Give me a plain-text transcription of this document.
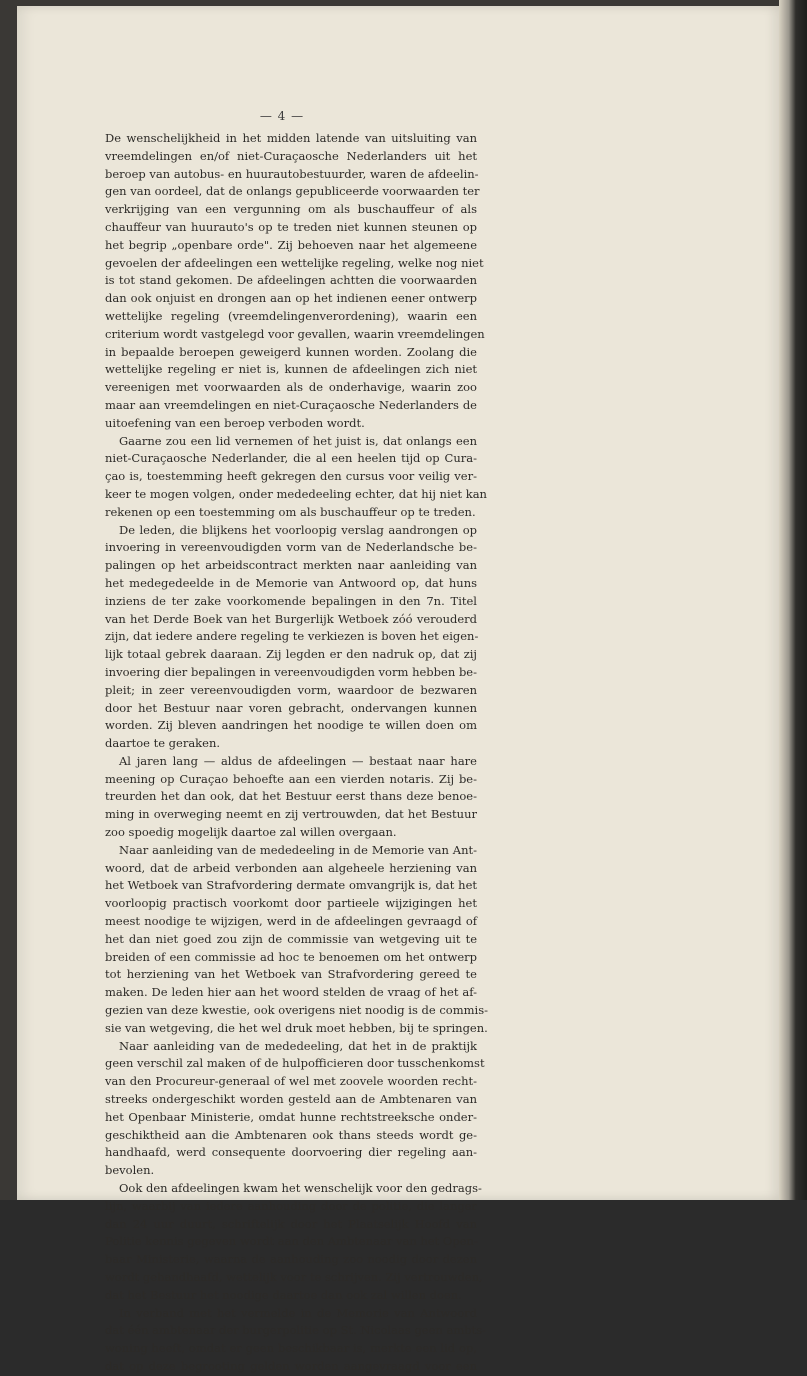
— 4 —
De wenschelijkheid in het midden latende van uitsluiting van
vreemdelingen en/of niet-Curaçaosche Nederlanders uit het
beroep van autobus- en huurautobestuurder, waren de afdeelin-
gen van oordeel, dat de onlangs gepubliceerde voorwaarden ter
verkrijging van een vergunning om als buschauffeur of als
chauffeur van huurauto's op te treden niet kunnen steunen op
het begrip „openbare orde". Zij behoeven naar het algemeene
gevoelen der afdeelingen een wettelijke regeling, welke nog niet
is tot stand gekomen. De afdeelingen achtten die voorwaarden
dan ook onjuist en drongen aan op het indienen eener ontwerp
wettelijke regeling (vreemdelingenverordening), waarin een
criterium wordt vastgelegd voor gevallen, waarin vreemdelingen
in bepaalde beroepen geweigerd kunnen worden. Zoolang die
wettelijke regeling er niet is, kunnen de afdeelingen zich niet
vereenigen met voorwaarden als de onderhavige, waarin zoo
maar aan vreemdelingen en niet-Curaçaosche Nederlanders de
uitoefening van een beroep verboden wordt.
Gaarne zou een lid vernemen of het juist is, dat onlangs een
niet-Curaçaosche Nederlander, die al een heelen tijd op Cura-
çao is, toestemming heeft gekregen den cursus voor veilig ver-
keer te mogen volgen, onder mededeeling echter, dat hij niet kan
rekenen op een toestemming om als buschauffeur op te treden.
De leden, die blijkens het voorloopig verslag aandrongen op
invoering in vereenvoudigden vorm van de Nederlandsche be-
palingen op het arbeidscontract merkten naar aanleiding van
het medegedeelde in de Memorie van Antwoord op, dat huns
inziens de ter zake voorkomende bepalingen in den 7n. Titel
van het Derde Boek van het Burgerlijk Wetboek zóó verouderd
zijn, dat iedere andere regeling te verkiezen is boven het eigen-
lijk totaal gebrek daaraan. Zij legden er den nadruk op, dat zij
invoering dier bepalingen in vereenvoudigden vorm hebben be-
pleit; in zeer vereenvoudigden vorm, waardoor de bezwaren
door het Bestuur naar voren gebracht, ondervangen kunnen
worden. Zij bleven aandringen het noodige te willen doen om
daartoe te geraken.
Al jaren lang — aldus de afdeelingen — bestaat naar hare
meening op Curaçao behoefte aan een vierden notaris. Zij be-
treurden het dan ook, dat het Bestuur eerst thans deze benoe-
ming in overweging neemt en zij vertrouwden, dat het Bestuur
zoo spoedig mogelijk daartoe zal willen overgaan.
Naar aanleiding van de mededeeling in de Memorie van Ant-
woord, dat de arbeid verbonden aan algeheele herziening van
het Wetboek van Strafvordering dermate omvangrijk is, dat het
voorloopig practisch voorkomt door partieele wijzigingen het
meest noodige te wijzigen, werd in de afdeelingen gevraagd of
het dan niet goed zou zijn de commissie van wetgeving uit te
breiden of een commissie ad hoc te benoemen om het ontwerp
tot herziening van het Wetboek van Strafvordering gereed te
maken. De leden hier aan het woord stelden de vraag of het af-
gezien van deze kwestie, ook overigens niet noodig is de commis-
sie van wetgeving, die het wel druk moet hebben, bij te springen.
Naar aanleiding van de mededeeling, dat het in de praktijk
geen verschil zal maken of de hulpofficieren door tusschenkomst
van den Procureur-generaal of wel met zoovele woorden recht-
streeks ondergeschikt worden gesteld aan de Ambtenaren van
het Openbaar Ministerie, omdat hunne rechtstreeksche onder-
geschiktheid aan die Ambtenaren ook thans steeds wordt ge-
handhaafd, werd consequente doorvoering dier regeling aan-
bevolen.
Ook den afdeelingen kwam het wenschelijk voor den gedrags-
lijn, waarbij van iedere aanhouding door de politie, die langer
dan 24 uur duurt, schriftelijk door het Plaatselijk Hoofd van
Politie kennis gegeven wordt aan den Ambtenaar van het Open-
baar Ministerie, waarna de aanhouding zoo noodig door dezen
wordt gehandhaafd, wettelijk voor te schrijven. Zij vertrouwden,
dat het Bestuur het noodige daartoe dan ook zal willen doen.
In verband met het vermelde in de Memorie van Antwoord
dat één ambtenaar der burgerpolitie op St. Nicolaas geen ambts-
woning heeft, omdat er geen beschikbaar is, merkte een lid op,
dat op deze begrooting gelden worden aangevraagd voor een
